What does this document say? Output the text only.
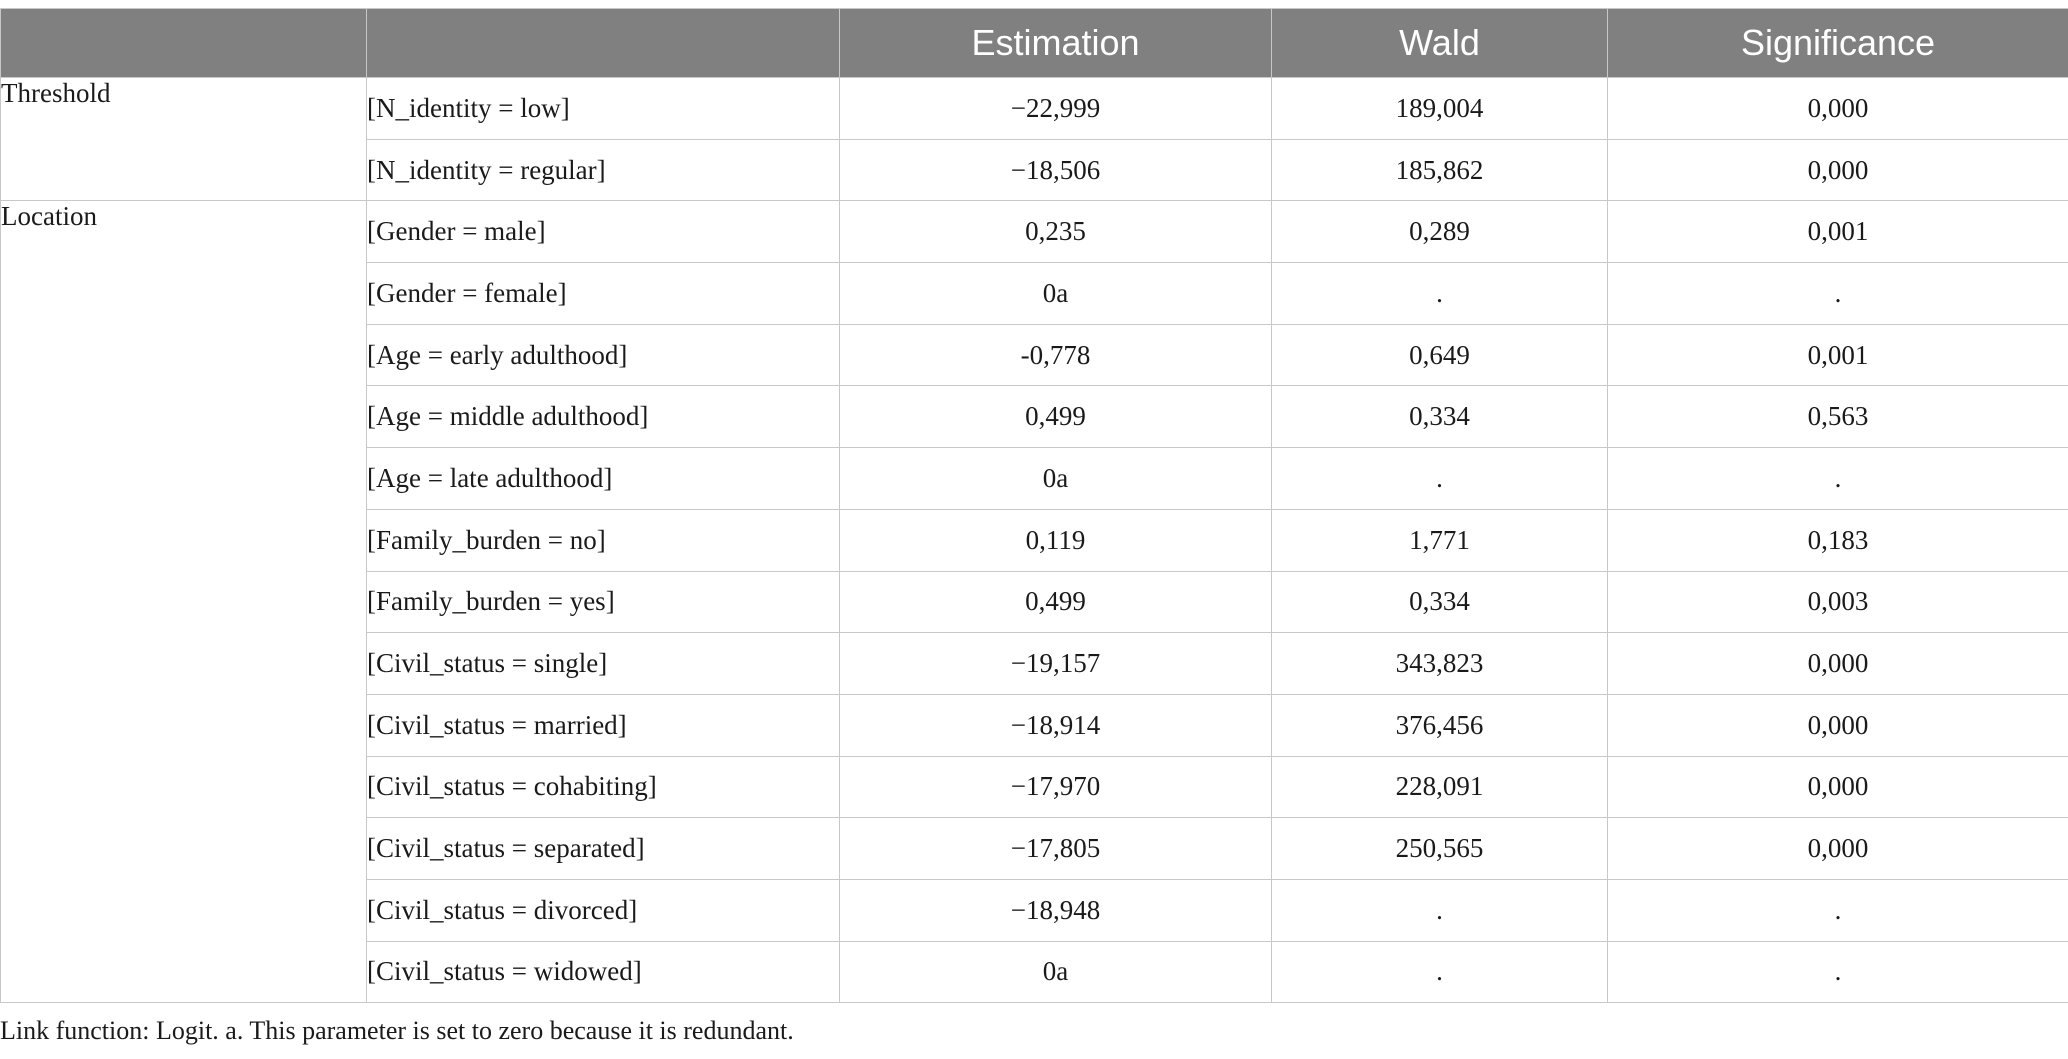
		Estimation	Wald	Significance
Threshold	[N_identity = low]	−22,999	189,004	0,000
	[N_identity = regular]	−18,506	185,862	0,000
Location	[Gender = male]	0,235	0,289	0,001
	[Gender = female]	0a	.	.
	[Age = early adulthood]	-0,778	0,649	0,001
	[Age = middle adulthood]	0,499	0,334	0,563
	[Age = late adulthood]	0a	.	.
	[Family_burden = no]	0,119	1,771	0,183
	[Family_burden = yes]	0,499	0,334	0,003
	[Civil_status = single]	−19,157	343,823	0,000
	[Civil_status = married]	−18,914	376,456	0,000
	[Civil_status = cohabiting]	−17,970	228,091	0,000
	[Civil_status = separated]	−17,805	250,565	0,000
	[Civil_status = divorced]	−18,948	.	.
	[Civil_status = widowed]	0a	.	.
Link function: Logit. a. This parameter is set to zero because it is redundant.
